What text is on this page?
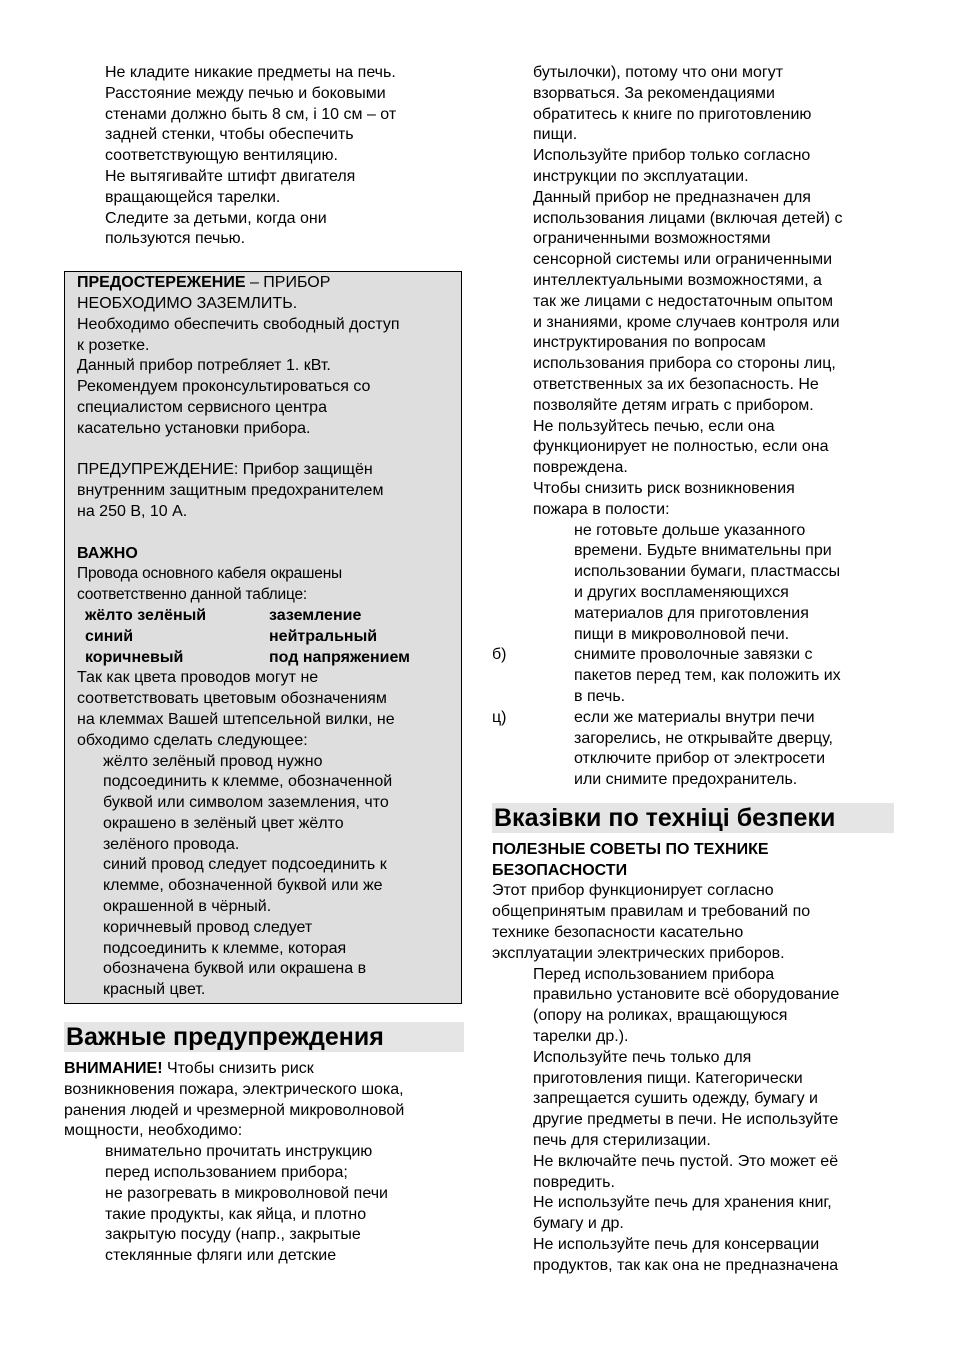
Не кладите никакие предметы на печь.
Расстояние между печью и боковыми
стенами должно быть 8 см, і 10 см – от
задней стенки, чтобы обеспечить
соответствующую вентиляцию.
Не вытягивайте штифт двигателя
вращающейся тарелки.
Следите за детьми, когда они
пользуются печью.
ПРЕДОСТЕРЕЖЕНИЕ – ПРИБОР
НЕОБХОДИМО ЗАЗЕМЛИТЬ.
Необходимо обеспечить свободный доступ
к розетке.
Данный прибор потребляет 1. кВт.
Рекомендуем проконсультироваться со
специалистом сервисного центра
касательно установки прибора.
ПРЕДУПРЕЖДЕНИЕ: Прибор защищён
внутренним защитным предохранителем
на 250 В, 10 А.
ВАЖНО
Провода основного кабеля окрашены
соответственно данной таблице:
жёлто зелёный	заземление
синий	нейтральный
коричневый	под напряжением
Так как цвета проводов могут не
соответствовать цветовым обозначениям
на клеммах Вашей штепсельной вилки, не
обходимо сделать следующее:
жёлто зелёный провод нужно
подсоединить к клемме, обозначенной
буквой или символом заземления, что
окрашено в зелёный цвет жёлто
зелёного провода.
синий провод следует подсоединить к
клемме, обозначенной буквой или же
окрашенной в чёрный.
коричневый провод следует
подсоединить к клемме, которая
обозначена буквой или окрашена в
красный цвет.
Важные предупреждения
ВНИМАНИЕ! Чтобы снизить риск
возникновения пожара, электрического шока,
ранения людей и чрезмерной микроволновой
мощности, необходимо:
внимательно прочитать инструкцию
перед использованием прибора;
не разогревать в микроволновой печи
такие продукты, как яйца, и плотно
закрытую посуду (напр., закрытые
стеклянные фляги или детские
бутылочки), потому что они могут
взорваться. За рекомендациями
обратитесь к книге по приготовлению
пищи.
Используйте прибор только согласно
инструкции по эксплуатации.
Данный прибор не предназначен для
использования лицами (включая детей) с
ограниченными возможностями
сенсорной системы или ограниченными
интеллектуальными возможностями, а
так же лицами с недостаточным опытом
и знаниями, кроме случаев контроля или
инструктирования по вопросам
использования прибора со стороны лиц,
ответственных за их безопасность. Не
позволяйте детям играть с прибором.
Не пользуйтесь печью, если она
функционирует не полностью, если она
повреждена.
Чтобы снизить риск возникновения
пожара в полости:
не готовьте дольше указанного
времени. Будьте внимательны при
использовании бумаги, пластмассы
и других воспламеняющихся
материалов для приготовления
пищи в микроволновой печи.
б)	снимите проволочные завязки с
пакетов перед тем, как положить их
в печь.
ц)	если же материалы внутри печи
загорелись, не открывайте дверцу,
отключите прибор от электросети
или снимите предохранитель.
Вказівки по техніці безпеки
ПОЛЕЗНЫЕ СОВЕТЫ ПО ТЕХНИКЕ
БЕЗОПАСНОСТИ
Этот прибор функционирует согласно
общепринятым правилам и требований по
технике безопасности касательно
эксплуатации электрических приборов.
Перед использованием прибора
правильно установите всё оборудование
(опору на роликах, вращающуюся
тарелки др.).
Используйте печь только для
приготовления пищи. Категорически
запрещается сушить одежду, бумагу и
другие предметы в печи. Не используйте
печь для стерилизации.
Не включайте печь пустой. Это может её
повредить.
Не используйте печь для хранения книг,
бумагу и др.
Не используйте печь для консервации
продуктов, так как она не предназначена
